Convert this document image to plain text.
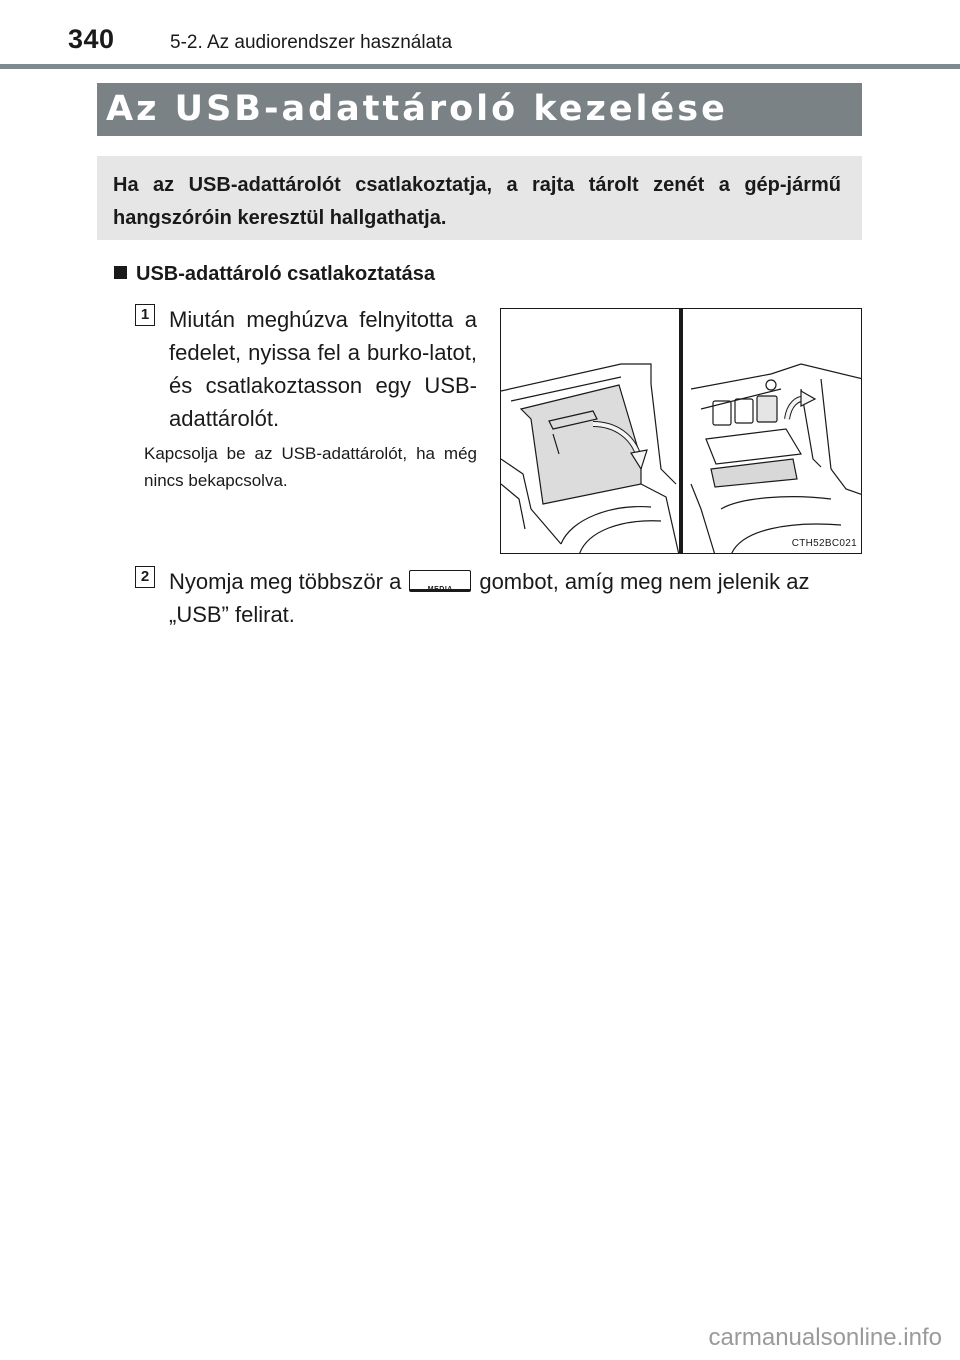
340	5-2. Az audiorendszer használata
Az USB-adattároló kezelése

Ha az USB-adattárolót csatlakoztatja, a rajta tárolt zenét a gép-jármű hangszóróin keresztül hallgathatja.

USB-adattároló csatlakoztatása
1 Miután meghúzva felnyitotta a fedelet, nyissa fel a burko-latot, és csatlakoztasson egy USB-adattárolót.
Kapcsolja be az USB-adattárolót, ha még nincs bekapcsolva.
CTH52BC021
2 Nyomja meg többször a	MEDIA	gombot, amíg meg nem jelenik az „USB” felirat.
carmanualsonline.info
